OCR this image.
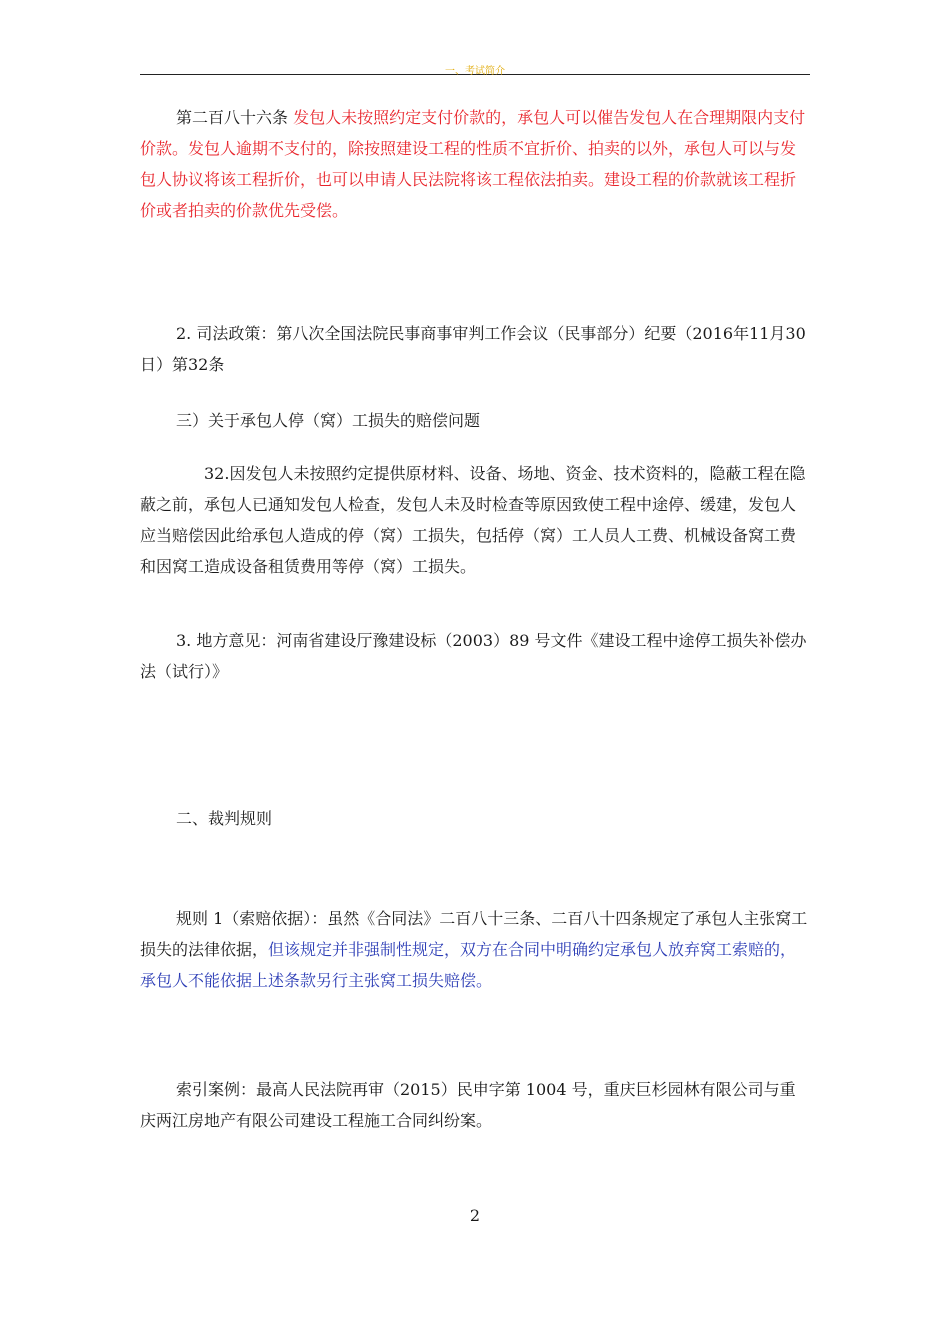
一、考试简介

第二百八十六条 发包人未按照约定支付价款的，承包人可以催告发包人在合理期限内支付价款。发包人逾期不支付的，除按照建设工程的性质不宜折价、拍卖的以外，承包人可以与发包人协议将该工程折价，也可以申请人民法院将该工程依法拍卖。建设工程的价款就该工程折价或者拍卖的价款优先受偿。

2. 司法政策：第八次全国法院民事商事审判工作会议（民事部分）纪要（2016年11月30日）第32条

三）关于承包人停（窝）工损失的赔偿问题

32.因发包人未按照约定提供原材料、设备、场地、资金、技术资料的，隐蔽工程在隐蔽之前，承包人已通知发包人检查，发包人未及时检查等原因致使工程中途停、缓建，发包人应当赔偿因此给承包人造成的停（窝）工损失，包括停（窝）工人员人工费、机械设备窝工费和因窝工造成设备租赁费用等停（窝）工损失。

3. 地方意见：河南省建设厅豫建设标（2003）89 号文件《建设工程中途停工损失补偿办法（试行）》

二、裁判规则

规则 1（索赔依据）：虽然《合同法》二百八十三条、二百八十四条规定了承包人主张窝工损失的法律依据，但该规定并非强制性规定，双方在合同中明确约定承包人放弃窝工索赔的，承包人不能依据上述条款另行主张窝工损失赔偿。

索引案例：最高人民法院再审（2015）民申字第 1004 号，重庆巨杉园林有限公司与重庆两江房地产有限公司建设工程施工合同纠纷案。

2
